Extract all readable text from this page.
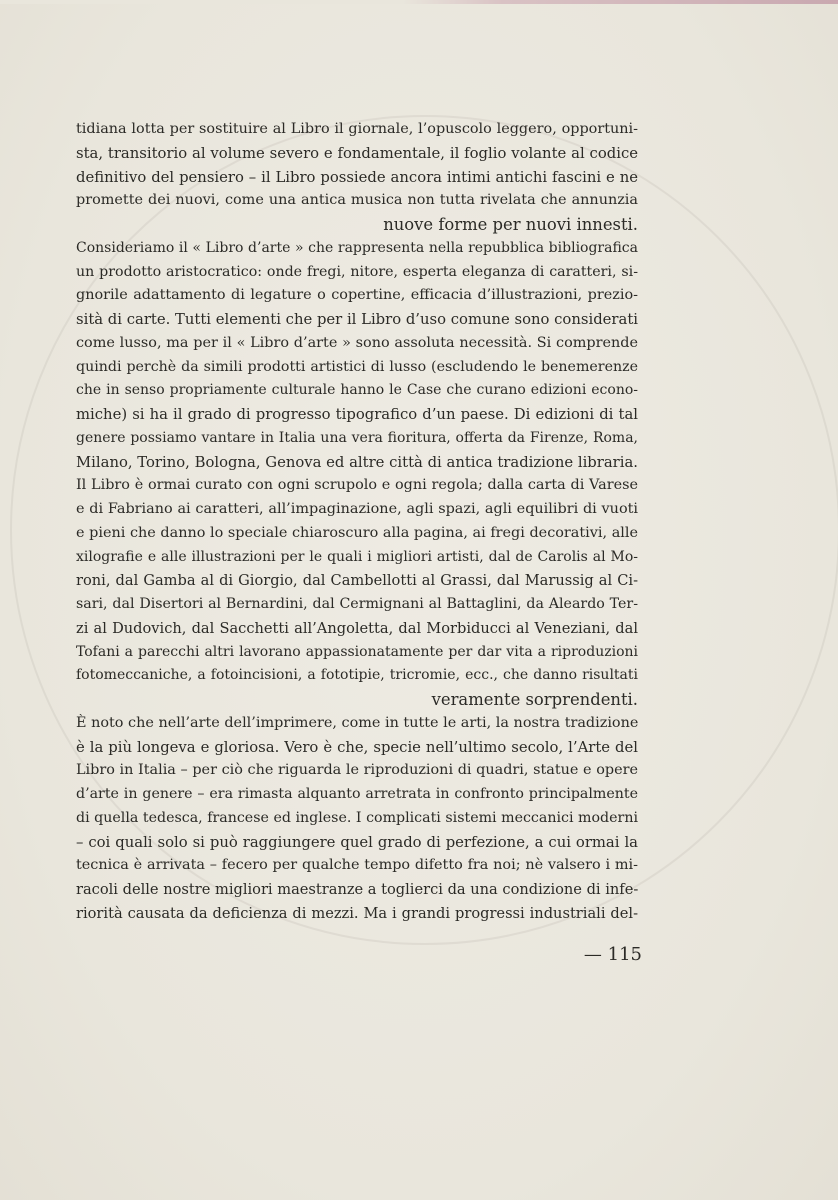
tidiana lotta per sostituire al Libro il giornale, l’opuscolo leggero, opportuni-
sta, transitorio al volume severo e fondamentale, il foglio volante al codice
definitivo del pensiero – il Libro possiede ancora intimi antichi fascini e ne
promette dei nuovi, come una antica musica non tutta rivelata che annunzia
nuove forme per nuovi innesti.
Consideriamo il « Libro d’arte » che rappresenta nella repubblica bibliografica
un prodotto aristocratico: onde fregi, nitore, esperta eleganza di caratteri, si-
gnorile adattamento di legature o copertine, efficacia d’illustrazioni, prezio-
sità di carte. Tutti elementi che per il Libro d’uso comune sono considerati
come lusso, ma per il « Libro d’arte » sono assoluta necessità. Si comprende
quindi perchè da simili prodotti artistici di lusso (escludendo le benemerenze
che in senso propriamente culturale hanno le Case che curano edizioni econo-
miche) si ha il grado di progresso tipografico d’un paese. Di edizioni di tal
genere possiamo vantare in Italia una vera fioritura, offerta da Firenze, Roma,
Milano, Torino, Bologna, Genova ed altre città di antica tradizione libraria.
Il Libro è ormai curato con ogni scrupolo e ogni regola; dalla carta di Varese
e di Fabriano ai caratteri, all’impaginazione, agli spazi, agli equilibri di vuoti
e pieni che danno lo speciale chiaroscuro alla pagina, ai fregi decorativi, alle
xilografie e alle illustrazioni per le quali i migliori artisti, dal de Carolis al Mo-
roni, dal Gamba al di Giorgio, dal Cambellotti al Grassi, dal Marussig al Ci-
sari, dal Disertori al Bernardini, dal Cermignani al Battaglini, da Aleardo Ter-
zi al Dudovich, dal Sacchetti all’Angoletta, dal Morbiducci al Veneziani, dal
Tofani a parecchi altri lavorano appassionatamente per dar vita a riproduzioni
fotomeccaniche, a fotoincisioni, a fototipie, tricromie, ecc., che danno risultati
veramente sorprendenti.
È noto che nell’arte dell’imprimere, come in tutte le arti, la nostra tradizione
è la più longeva e gloriosa. Vero è che, specie nell’ultimo secolo, l’Arte del
Libro in Italia – per ciò che riguarda le riproduzioni di quadri, statue e opere
d’arte in genere – era rimasta alquanto arretrata in confronto principalmente
di quella tedesca, francese ed inglese. I complicati sistemi meccanici moderni
– coi quali solo si può raggiungere quel grado di perfezione, a cui ormai la
tecnica è arrivata – fecero per qualche tempo difetto fra noi; nè valsero i mi-
racoli delle nostre migliori maestranze a toglierci da una condizione di infe-
riorità causata da deficienza di mezzi. Ma i grandi progressi industriali del-
— 115
